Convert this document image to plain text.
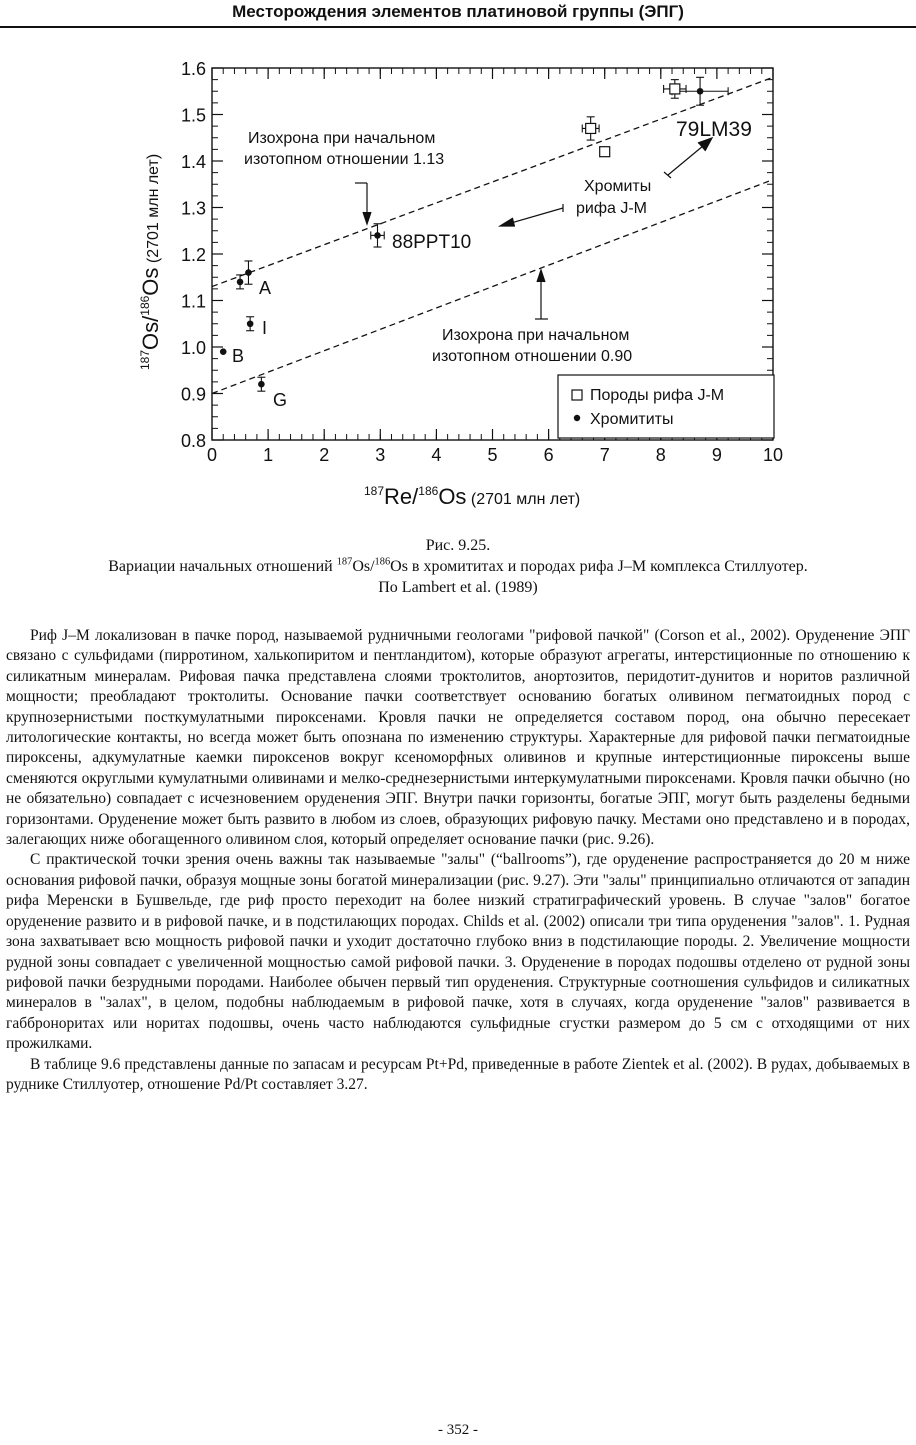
Месторождения элементов платиновой группы (ЭПГ)
0	1	2	3	4	5	6	7	8	9 10
0.8
0.9
1.0
1.1
1.2
1.3
1.4
1.5
1.6
Изохрона при начальном
изотопном отношении 1.13
Изохрона при начальном
изотопном отношении 0.90
Хромиты
рифа J-M
79LM39
88PPT10
A
I
B
G	Породы рифа J-M
Хромититы
$^{187}$Re/$^{186}$Os (2701 млн лет)
$^{187}$Os/$^{186}$Os (2701 млн лет)
Рис. 9.25.
Вариации начальных отношений $^{187}$Os/$^{186}$Os в хромититах и породах рифа J–M комплекса Стиллуотер.
По Lambert et al. (1989)

Риф J–M локализован в пачке пород, называемой рудничными геологами "рифовой пачкой" (Corson et al., 2002). Оруденение ЭПГ связано с сульфидами (пирротином, халькопиритом и пентландитом), которые образуют агрегаты, интерстиционные по отношению к силикатным минералам. Рифовая пачка представлена слоями троктолитов, анортозитов, перидотит-дунитов и норитов различной мощности; преобладают троктолиты. Основание пачки соответствует основанию богатых оливином пегматоидных пород с крупнозернистыми посткумулатными пироксенами. Кровля пачки не определяется составом пород, она обычно пересекает литологические контакты, но всегда может быть опознана по изменению структуры. Характерные для рифовой пачки пегматоидные пироксены, адкумулатные каемки пироксенов вокруг ксеноморфных оливинов и крупные интерстиционные пироксены выше сменяются округлыми кумулатными оливинами и мелко-среднезернистыми интеркумулатными пироксенами. Кровля пачки обычно (но не обязательно) совпадает с исчезновением оруденения ЭПГ. Внутри пачки горизонты, богатые ЭПГ, могут быть разделены бедными горизонтами. Оруденение может быть развито в любом из слоев, образующих рифовую пачку. Местами оно представлено и в породах, залегающих ниже обогащенного оливином слоя, который определяет основание пачки (рис. 9.26).

С практической точки зрения очень важны так называемые "залы" (“ballrooms”), где оруденение распространяется до 20 м ниже основания рифовой пачки, образуя мощные зоны богатой минерализации (рис. 9.27). Эти "залы" принципиально отличаются от западин рифа Меренски в Бушвельде, где риф просто переходит на более низкий стратиграфический уровень. В случае "залов" богатое оруденение развито и в рифовой пачке, и в подстилающих породах. Childs et al. (2002) описали три типа оруденения "залов". 1. Рудная зона захватывает всю мощность рифовой пачки и уходит достаточно глубоко вниз в подстилающие породы. 2. Увеличение мощности рудной зоны совпадает с увеличенной мощностью самой рифовой пачки. 3. Оруденение в породах подошвы отделено от рудной зоны рифовой пачки безрудными породами. Наиболее обычен первый тип оруденения. Структурные соотношения сульфидов и силикатных минералов в "залах", в целом, подобны наблюдаемым в рифовой пачке, хотя в случаях, когда оруденение "залов" развивается в габброноритах или норитах подошвы, очень часто наблюдаются сульфидные сгустки размером до 5 см с отходящими от них прожилками.

В таблице 9.6 представлены данные по запасам и ресурсам Pt+Pd, приведенные в работе Zientek et al. (2002). В рудах, добываемых в руднике Стиллуотер, отношение Pd/Pt составляет 3.27.

- 352 -
